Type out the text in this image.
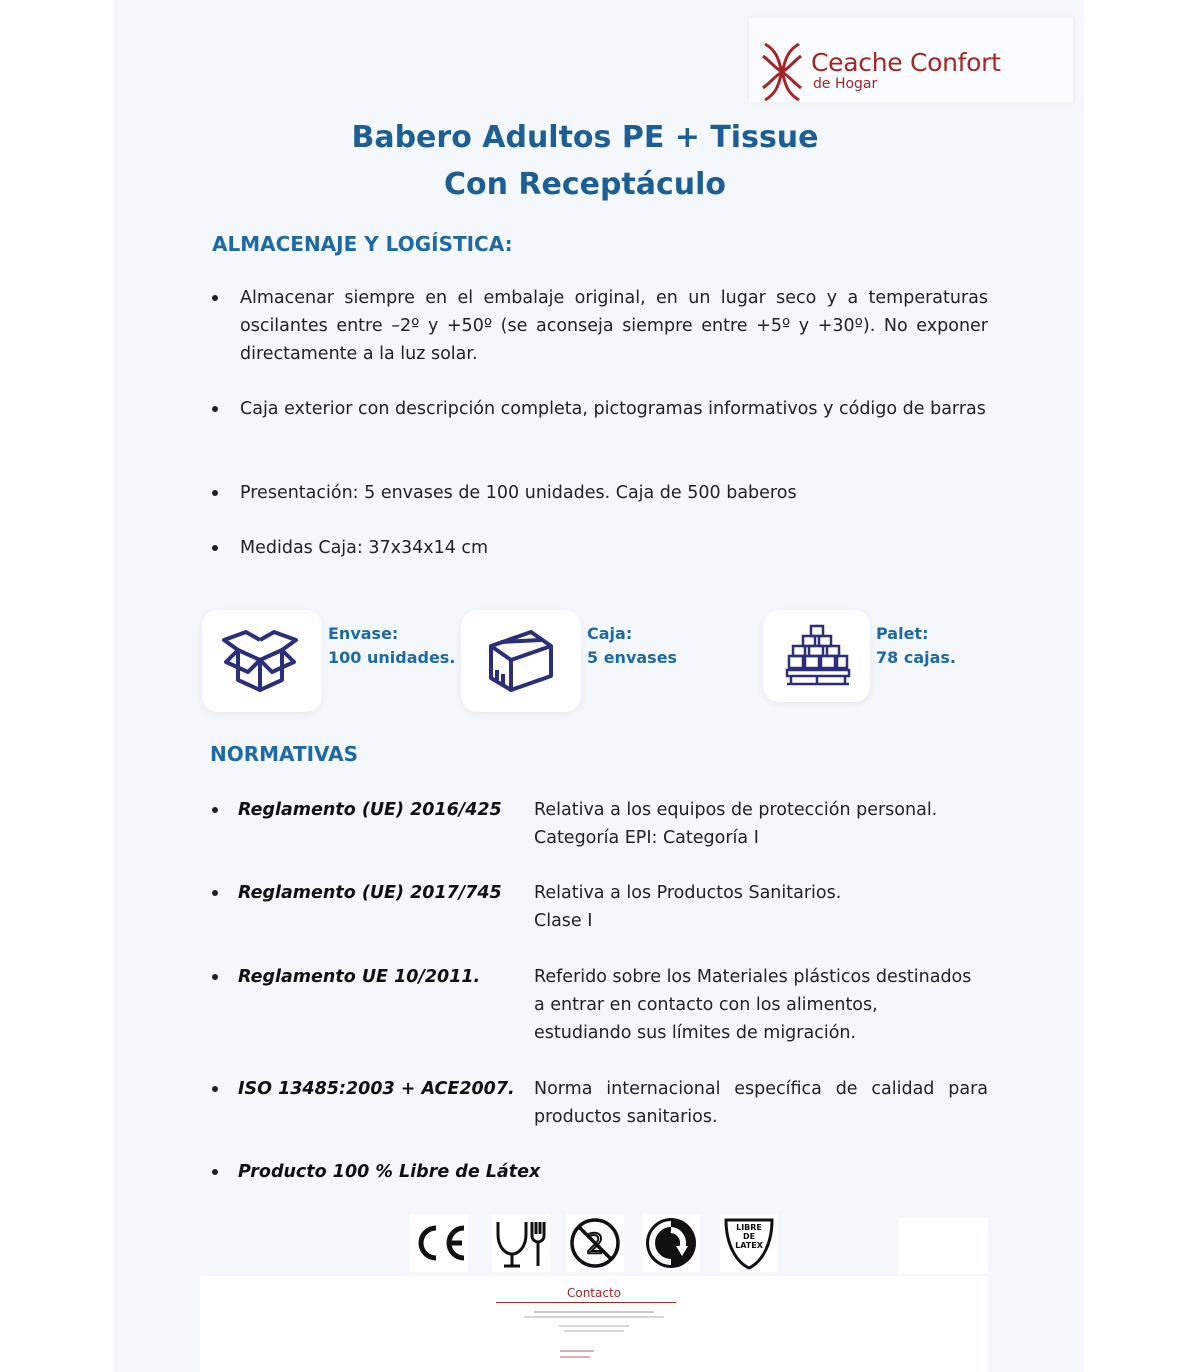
Ceache Confort
de Hogar
Babero Adultos PE + Tissue
Con Receptáculo
ALMACENAJE Y LOGÍSTICA:
Almacenar siempre en el embalaje original, en un lugar seco y a temperaturas oscilantes entre –2º y +50º (se aconseja siempre entre +5º y +30º). No exponer directamente a la luz solar.
Caja exterior con descripción completa, pictogramas informativos y código de barras
Presentación: 5 envases de 100 unidades. Caja de 500 baberos
Medidas Caja: 37x34x14 cm
Envase:
100 unidades.
Caja:
5 envases
Palet:
78 cajas.
NORMATIVAS
Reglamento (UE) 2016/425 Relativa a los equipos de protección personal. Categoría EPI: Categoría I
Reglamento (UE) 2017/745 Relativa a los Productos Sanitarios. Clase I
Reglamento UE 10/2011.	Referido sobre los Materiales plásticos destinados a entrar en contacto con los alimentos, estudiando sus límites de migración.
ISO 13485:2003 + ACE2007. Norma internacional específica de calidad para productos sanitarios.
Producto 100 % Libre de Látex
2	LIBRE
DE
LATEX
Contacto
